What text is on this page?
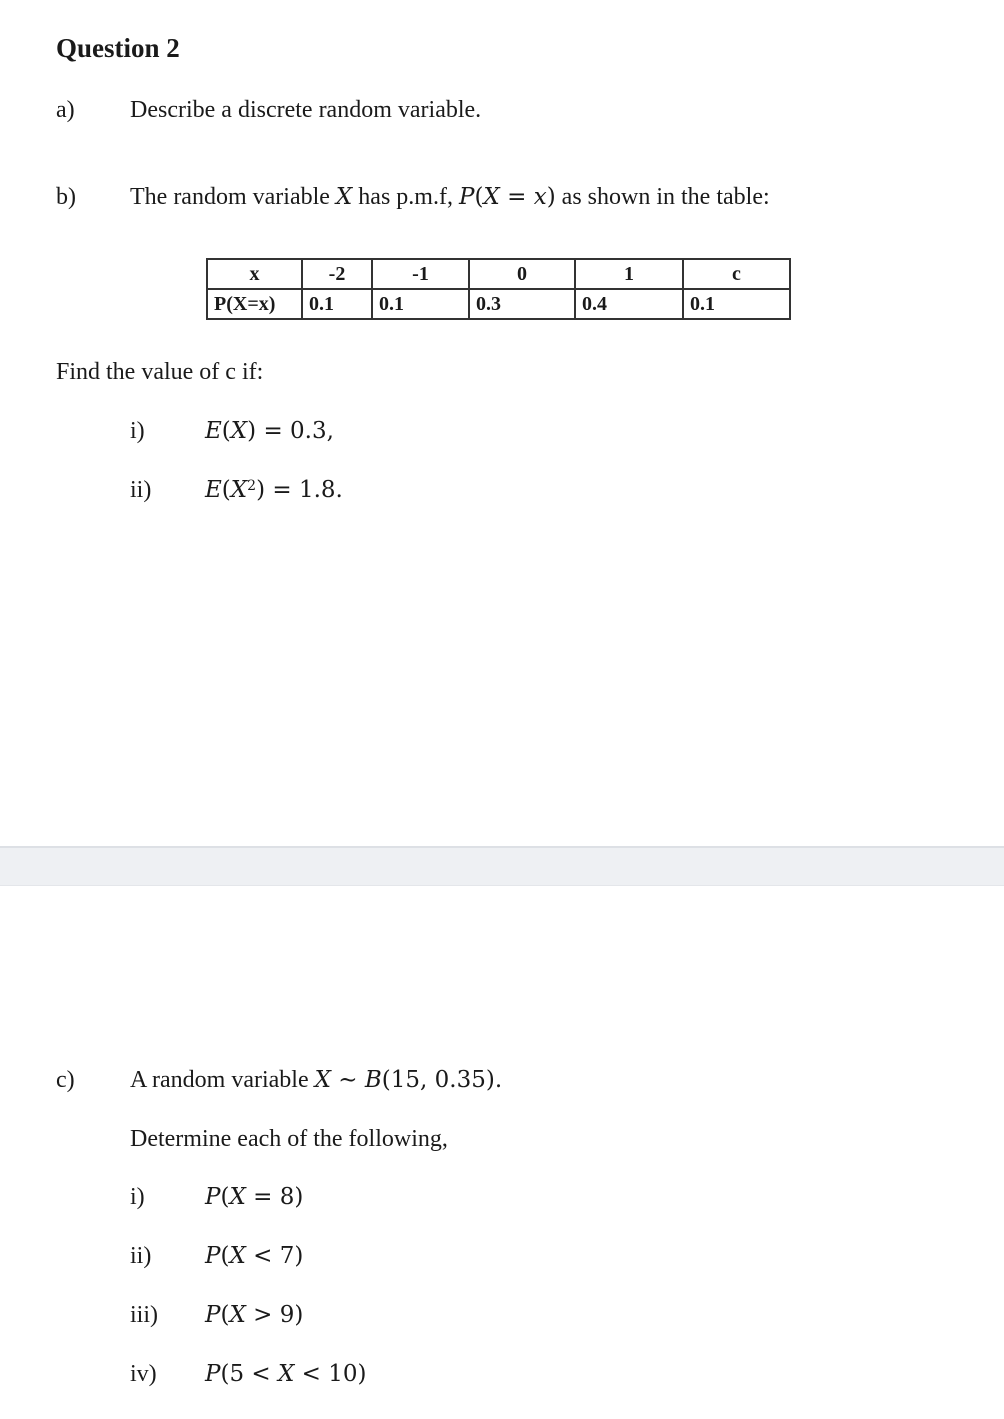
Question 2
a) Describe a discrete random variable.
b) The random variable X has p.m.f, P(X = x) as shown in the table:
x	-2	-1	0	1	c
P(X=x)	0.1	0.1	0.3	0.4	0.1
Find the value of c if:
i)	E(X) = 0.3,
ii) $E(X^2) = 1.8$.
c) A random variable X ∼ B(15, 0.35).
Determine each of the following,
i)	P(X = 8)
ii) P(X < 7)
iii) P(X > 9)
iv) P(5 < X < 10)
